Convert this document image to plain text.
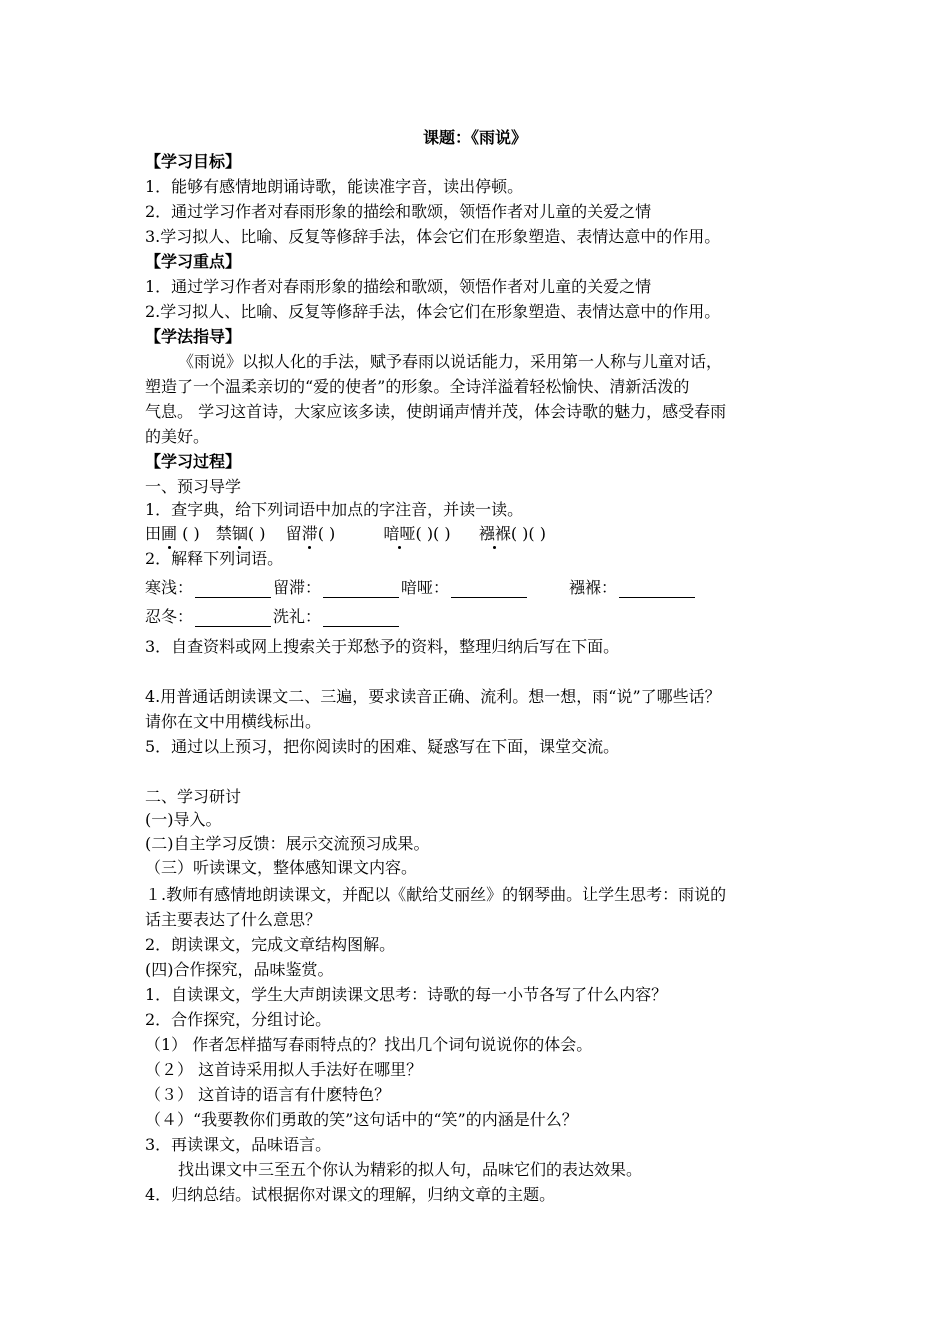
课题：《雨说》
【学习目标】
1．能够有感情地朗诵诗歌，能读准字音，读出停顿。
2．通过学习作者对春雨形象的描绘和歌颂，领悟作者对儿童的关爱之情
3.学习拟人、比喻、反复等修辞手法，体会它们在形象塑造、表情达意中的作用。
【学习重点】
1．通过学习作者对春雨形象的描绘和歌颂，领悟作者对儿童的关爱之情
2.学习拟人、比喻、反复等修辞手法，体会它们在形象塑造、表情达意中的作用。
【学法指导】
《雨说》以拟人化的手法，赋予春雨以说话能力，采用第一人称与儿童对话，
塑造了一个温柔亲切的“爱的使者”的形象。全诗洋溢着轻松愉快、清新活泼的
气息。 学习这首诗，大家应该多读，使朗诵声情并茂，体会诗歌的魅力，感受春雨
的美好。
【学习过程】
一、预习导学
1．查字典，给下列词语中加点的字注音，并读一读。
田圃 ( ) 禁锢( ) 留滞( )	喑哑( )( ) 襁褓( )( )
2．解释下列词语。
寒浅：	留滞：	喑哑：	襁褓：
忍冬：	洗礼：
3．自查资料或网上搜索关于郑愁予的资料，整理归纳后写在下面。
4.用普通话朗读课文二、三遍，要求读音正确、流利。想一想，雨“说”了哪些话？
请你在文中用横线标出。
5．通过以上预习，把你阅读时的困难、疑惑写在下面，课堂交流。
二、学习研讨
(一)导入。
(二)自主学习反馈：展示交流预习成果。
（三）听读课文，整体感知课文内容。
１.教师有感情地朗读课文，并配以《献给艾丽丝》的钢琴曲。让学生思考：雨说的
话主要表达了什么意思？
2．朗读课文，完成文章结构图解。
(四)合作探究，品味鉴赏。
1．自读课文，学生大声朗读课文思考：诗歌的每一小节各写了什么内容？
2．合作探究，分组讨论。
（1） 作者怎样描写春雨特点的？找出几个词句说说你的体会。
（２） 这首诗采用拟人手法好在哪里？
（３） 这首诗的语言有什麽特色？
（４）“我要教你们勇敢的笑”这句话中的“笑”的内涵是什么？
3．再读课文，品味语言。
找出课文中三至五个你认为精彩的拟人句，品味它们的表达效果。
4．归纳总结。试根据你对课文的理解，归纳文章的主题。
